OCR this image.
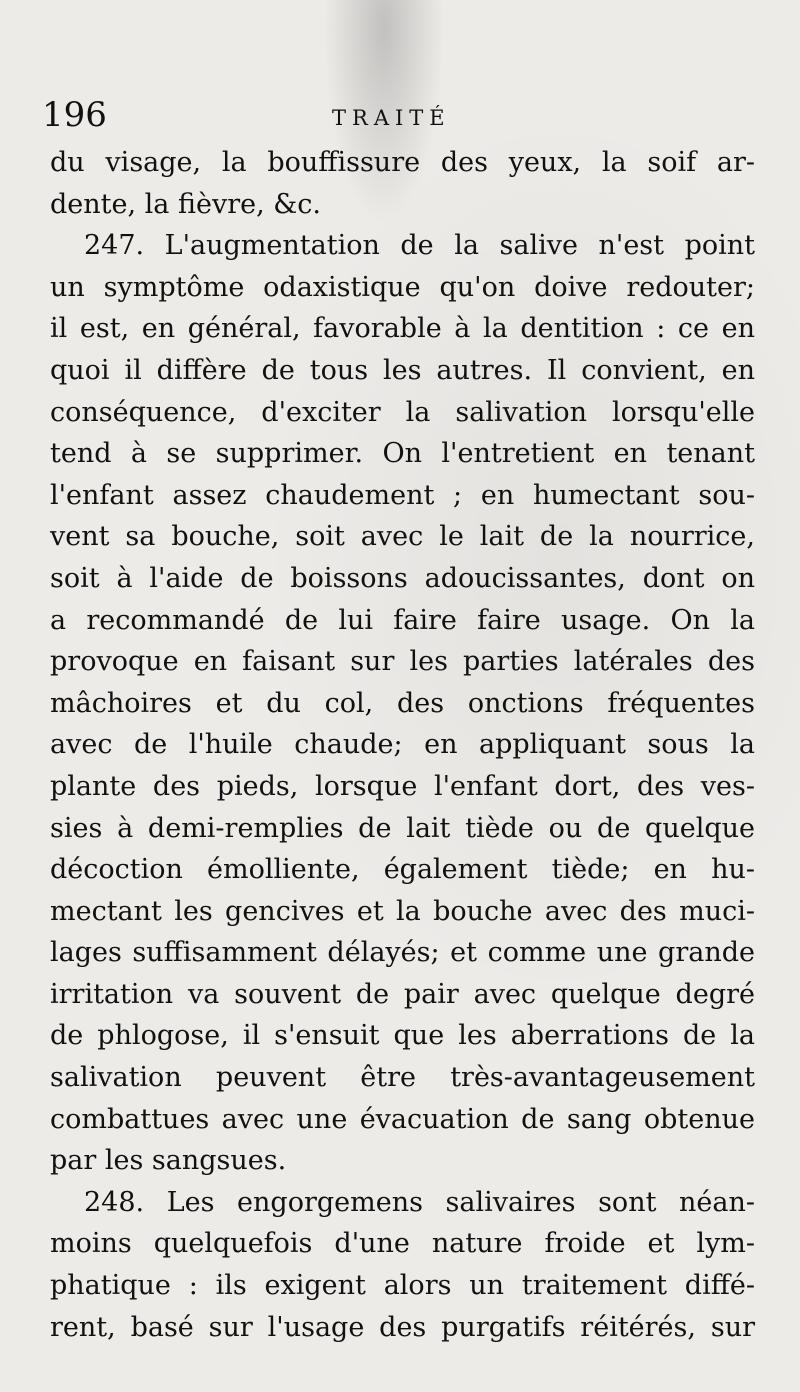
196	TRAITÉ
du visage, la bouffissure des yeux, la soif ar-
dente, la fièvre, &c.
247. L'augmentation de la salive n'est point
un symptôme odaxistique qu'on doive redouter;
il est, en général, favorable à la dentition : ce en
quoi il diffère de tous les autres. Il convient, en
conséquence, d'exciter la salivation lorsqu'elle
tend à se supprimer. On l'entretient en tenant
l'enfant assez chaudement ; en humectant sou-
vent sa bouche, soit avec le lait de la nourrice,
soit à l'aide de boissons adoucissantes, dont on
a recommandé de lui faire faire usage. On la
provoque en faisant sur les parties latérales des
mâchoires et du col, des onctions fréquentes
avec de l'huile chaude; en appliquant sous la
plante des pieds, lorsque l'enfant dort, des ves-
sies à demi-remplies de lait tiède ou de quelque
décoction émolliente, également tiède; en hu-
mectant les gencives et la bouche avec des muci-
lages suffisamment délayés; et comme une grande
irritation va souvent de pair avec quelque degré
de phlogose, il s'ensuit que les aberrations de la
salivation peuvent être très-avantageusement
combattues avec une évacuation de sang obtenue
par les sangsues.
248. Les engorgemens salivaires sont néan-
moins quelquefois d'une nature froide et lym-
phatique : ils exigent alors un traitement diffé-
rent, basé sur l'usage des purgatifs réitérés, sur
